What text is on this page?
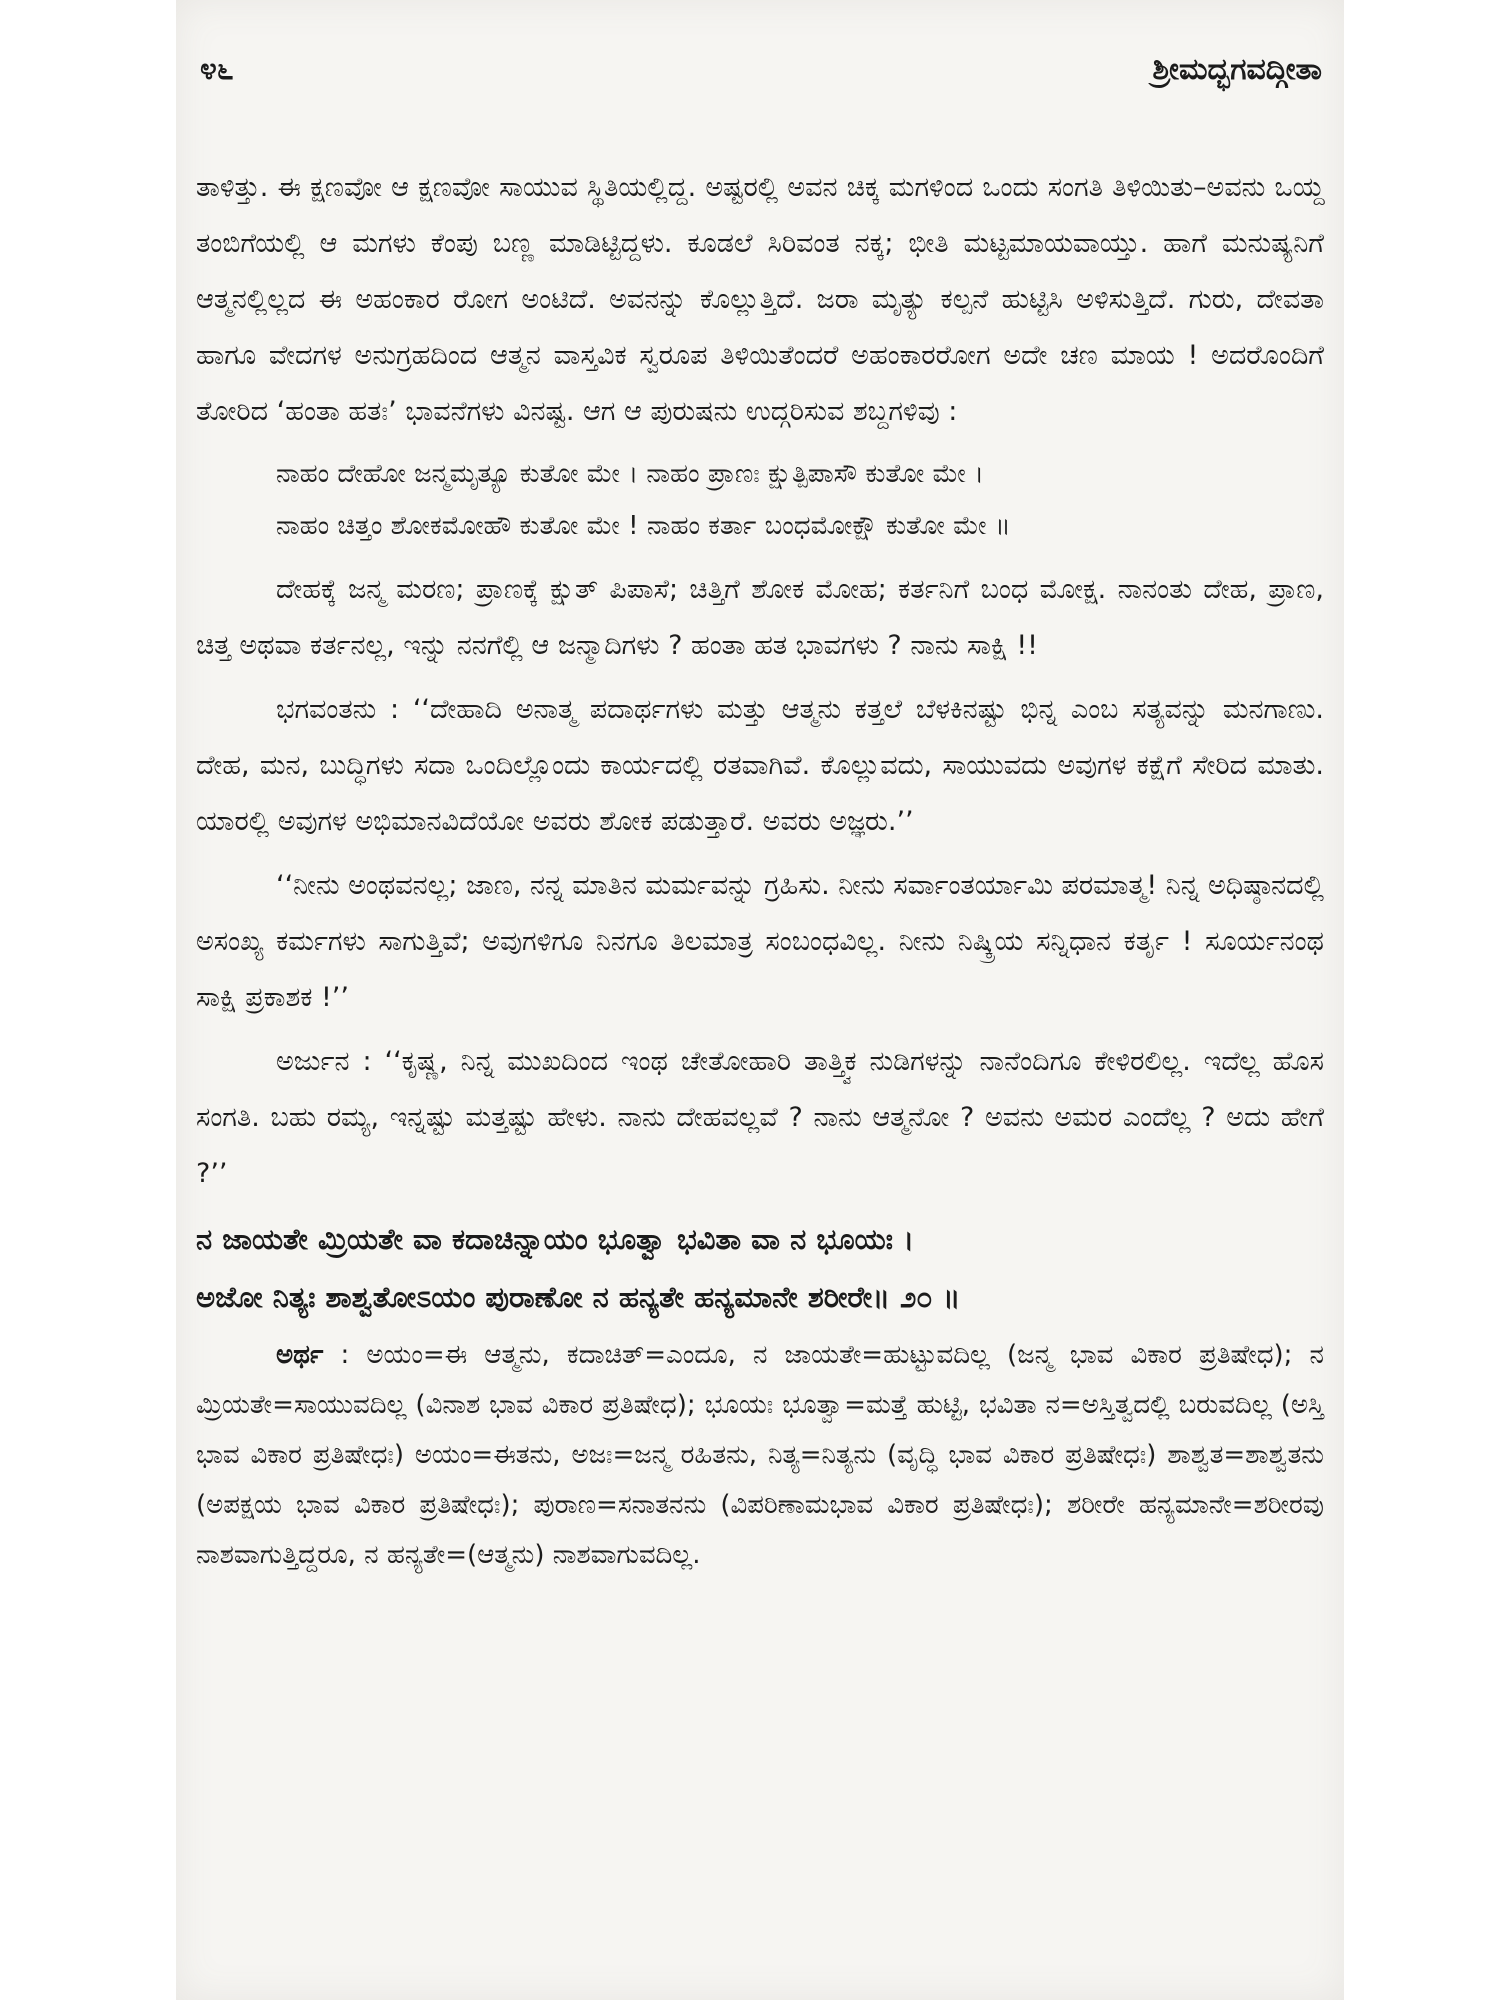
೪೬	ಶ್ರೀಮದ್ಭಗವದ್ಗೀತಾ

ತಾಳಿತ್ತು. ಈ ಕ್ಷಣವೋ ಆ ಕ್ಷಣವೋ ಸಾಯುವ ಸ್ಥಿತಿಯಲ್ಲಿದ್ದ. ಅಷ್ಟರಲ್ಲಿ ಅವನ ಚಿಕ್ಕ ಮಗಳಿಂದ ಒಂದು ಸಂಗತಿ ತಿಳಿಯಿತು–ಅವನು ಒಯ್ದ ತಂಬಿಗೆಯಲ್ಲಿ ಆ ಮಗಳು ಕೆಂಪು ಬಣ್ಣ ಮಾಡಿಟ್ಟಿದ್ದಳು. ಕೂಡಲೆ ಸಿರಿವಂತ ನಕ್ಕ; ಭೀತಿ ಮಟ್ಟಮಾಯವಾಯ್ತು. ಹಾಗೆ ಮನುಷ್ಯನಿಗೆ ಆತ್ಮನಲ್ಲಿಲ್ಲದ ಈ ಅಹಂಕಾರ ರೋಗ ಅಂಟಿದೆ. ಅವನನ್ನು ಕೊಲ್ಲುತ್ತಿದೆ. ಜರಾ ಮೃತ್ಯು ಕಲ್ಪನೆ ಹುಟ್ಟಿಸಿ ಅಳಿಸುತ್ತಿದೆ. ಗುರು, ದೇವತಾ ಹಾಗೂ ವೇದಗಳ ಅನುಗ್ರಹದಿಂದ ಆತ್ಮನ ವಾಸ್ತವಿಕ ಸ್ವರೂಪ ತಿಳಿಯಿತೆಂದರೆ ಅಹಂಕಾರರೋಗ ಅದೇ ಚಣ ಮಾಯ ! ಅದರೊಂದಿಗೆ ತೋರಿದ ‘ಹಂತಾ ಹತಃ’ ಭಾವನೆಗಳು ವಿನಷ್ಟ. ಆಗ ಆ ಪುರುಷನು ಉದ್ಗರಿಸುವ ಶಬ್ದಗಳಿವು :

ನಾಹಂ ದೇಹೋ ಜನ್ಮಮೃತ್ಯೂ ಕುತೋ ಮೇ । ನಾಹಂ ಪ್ರಾಣಃ ಕ್ಷುತ್ಪಿಪಾಸೌ ಕುತೋ ಮೇ ।
ನಾಹಂ ಚಿತ್ತಂ ಶೋಕಮೋಹೌ ಕುತೋ ಮೇ ! ನಾಹಂ ಕರ್ತಾ ಬಂಧಮೋಕ್ಷೌ ಕುತೋ ಮೇ ॥

ದೇಹಕ್ಕೆ ಜನ್ಮ ಮರಣ; ಪ್ರಾಣಕ್ಕೆ ಕ್ಷುತ್ ಪಿಪಾಸೆ; ಚಿತ್ತಿಗೆ ಶೋಕ ಮೋಹ; ಕರ್ತನಿಗೆ ಬಂಧ ಮೋಕ್ಷ. ನಾನಂತು ದೇಹ, ಪ್ರಾಣ, ಚಿತ್ತ ಅಥವಾ ಕರ್ತನಲ್ಲ, ಇನ್ನು ನನಗೆಲ್ಲಿ ಆ ಜನ್ಮಾದಿಗಳು ? ಹಂತಾ ಹತ ಭಾವಗಳು ? ನಾನು ಸಾಕ್ಷಿ !!

ಭಗವಂತನು : ‘‘ದೇಹಾದಿ ಅನಾತ್ಮ ಪದಾರ್ಥಗಳು ಮತ್ತು ಆತ್ಮನು ಕತ್ತಲೆ ಬೆಳಕಿನಷ್ಟು ಭಿನ್ನ ಎಂಬ ಸತ್ಯವನ್ನು ಮನಗಾಣು. ದೇಹ, ಮನ, ಬುದ್ಧಿಗಳು ಸದಾ ಒಂದಿಲ್ಲೊಂದು ಕಾರ್ಯದಲ್ಲಿ ರತವಾಗಿವೆ. ಕೊಲ್ಲುವದು, ಸಾಯುವದು ಅವುಗಳ ಕಕ್ಷೆಗೆ ಸೇರಿದ ಮಾತು. ಯಾರಲ್ಲಿ ಅವುಗಳ ಅಭಿಮಾನವಿದೆಯೋ ಅವರು ಶೋಕ ಪಡುತ್ತಾರೆ. ಅವರು ಅಜ್ಞರು.’’

‘‘ನೀನು ಅಂಥವನಲ್ಲ; ಜಾಣ, ನನ್ನ ಮಾತಿನ ಮರ್ಮವನ್ನು ಗ್ರಹಿಸು. ನೀನು ಸರ್ವಾಂತರ್ಯಾಮಿ ಪರಮಾತ್ಮ! ನಿನ್ನ ಅಧಿಷ್ಠಾನದಲ್ಲಿ ಅಸಂಖ್ಯ ಕರ್ಮಗಳು ಸಾಗುತ್ತಿವೆ; ಅವುಗಳಿಗೂ ನಿನಗೂ ತಿಲಮಾತ್ರ ಸಂಬಂಧವಿಲ್ಲ. ನೀನು ನಿಷ್ಕ್ರಿಯ ಸನ್ನಿಧಾನ ಕರ್ತೃ ! ಸೂರ್ಯನಂಥ ಸಾಕ್ಷಿ ಪ್ರಕಾಶಕ !’’

ಅರ್ಜುನ : ‘‘ಕೃಷ್ಣ, ನಿನ್ನ ಮುಖದಿಂದ ಇಂಥ ಚೇತೋಹಾರಿ ತಾತ್ತ್ವಿಕ ನುಡಿಗಳನ್ನು ನಾನೆಂದಿಗೂ ಕೇಳಿರಲಿಲ್ಲ. ಇದೆಲ್ಲ ಹೊಸ ಸಂಗತಿ. ಬಹು ರಮ್ಯ, ಇನ್ನಷ್ಟು ಮತ್ತಷ್ಟು ಹೇಳು. ನಾನು ದೇಹವಲ್ಲವೆ ? ನಾನು ಆತ್ಮನೋ ? ಅವನು ಅಮರ ಎಂದೆಲ್ಲ ? ಅದು ಹೇಗೆ ?’’

ನ ಜಾಯತೇ ಮ್ರಿಯತೇ ವಾ ಕದಾಚಿನ್ನಾಯಂ ಭೂತ್ವಾ ಭವಿತಾ ವಾ ನ ಭೂಯಃ ।
ಅಜೋ ನಿತ್ಯಃ ಶಾಶ್ವತೋಽಯಂ ಪುರಾಣೋ ನ ಹನ್ಯತೇ ಹನ್ಯಮಾನೇ ಶರೀರೇ॥ ೨೦ ॥

ಅರ್ಥ : ಅಯಂ=ಈ ಆತ್ಮನು, ಕದಾಚಿತ್=ಎಂದೂ, ನ ಜಾಯತೇ=ಹುಟ್ಟುವದಿಲ್ಲ (ಜನ್ಮ ಭಾವ ವಿಕಾರ ಪ್ರತಿಷೇಧ); ನ ಮ್ರಿಯತೇ=ಸಾಯುವದಿಲ್ಲ (ವಿನಾಶ ಭಾವ ವಿಕಾರ ಪ್ರತಿಷೇಧ); ಭೂಯಃ ಭೂತ್ವಾ=ಮತ್ತೆ ಹುಟ್ಟಿ, ಭವಿತಾ ನ=ಅಸ್ತಿತ್ವದಲ್ಲಿ ಬರುವದಿಲ್ಲ (ಅಸ್ತಿ ಭಾವ ವಿಕಾರ ಪ್ರತಿಷೇಧಃ) ಅಯಂ=ಈತನು, ಅಜಃ=ಜನ್ಮ ರಹಿತನು, ನಿತ್ಯ=ನಿತ್ಯನು (ವೃದ್ಧಿ ಭಾವ ವಿಕಾರ ಪ್ರತಿಷೇಧಃ) ಶಾಶ್ವತ=ಶಾಶ್ವತನು (ಅಪಕ್ಷಯ ಭಾವ ವಿಕಾರ ಪ್ರತಿಷೇಧಃ); ಪುರಾಣ=ಸನಾತನನು (ವಿಪರಿಣಾಮಭಾವ ವಿಕಾರ ಪ್ರತಿಷೇಧಃ); ಶರೀರೇ ಹನ್ಯಮಾನೇ=ಶರೀರವು ನಾಶವಾಗುತ್ತಿದ್ದರೂ, ನ ಹನ್ಯತೇ=(ಆತ್ಮನು) ನಾಶವಾಗುವದಿಲ್ಲ.
